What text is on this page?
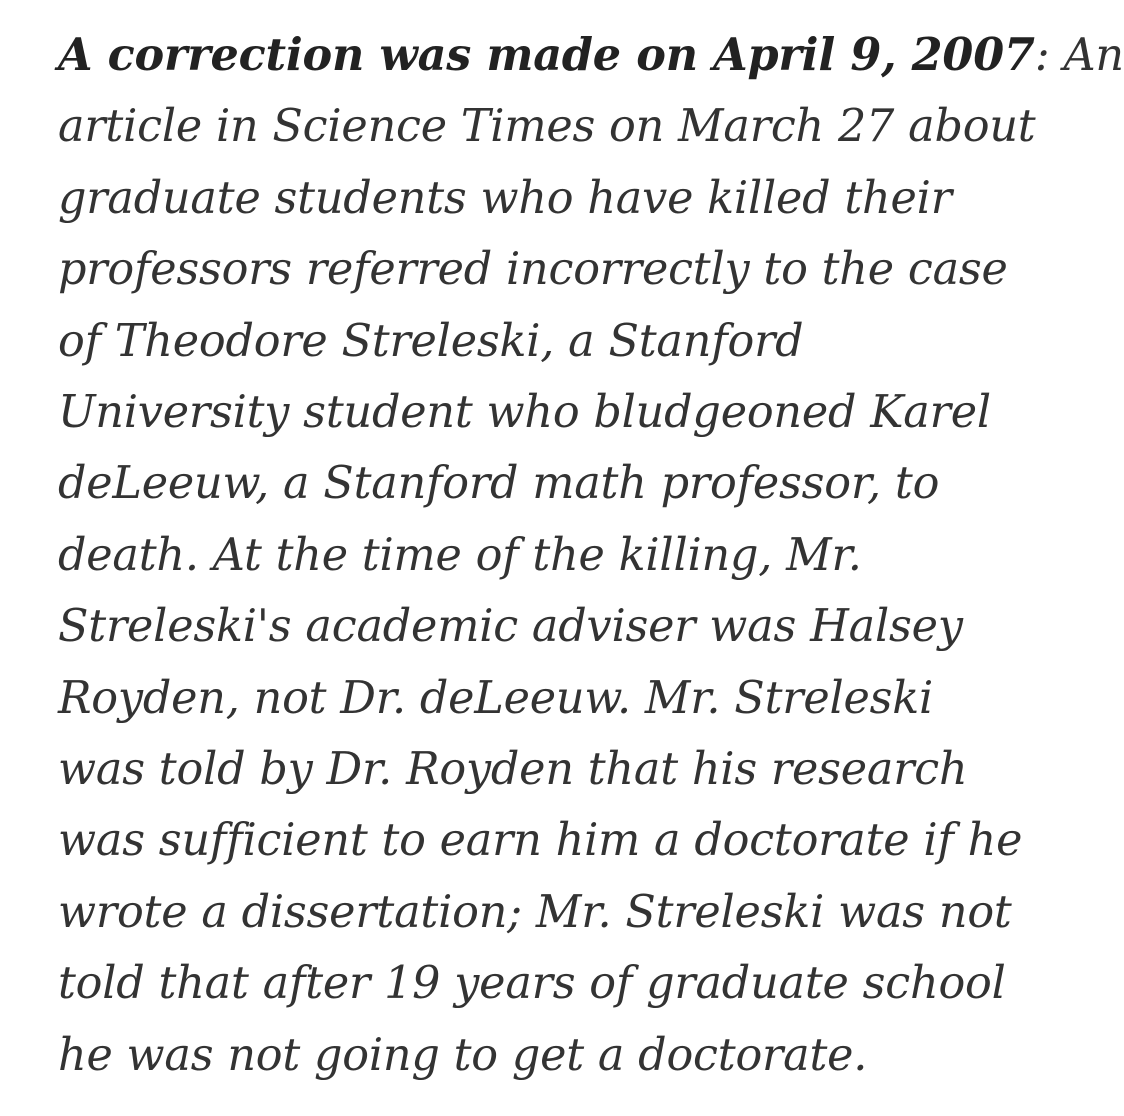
A correction was made on April 9, 2007: An
article in Science Times on March 27 about
graduate students who have killed their
professors referred incorrectly to the case
of Theodore Streleski, a Stanford
University student who bludgeoned Karel
deLeeuw, a Stanford math professor, to
death. At the time of the killing, Mr.
Streleski's academic adviser was Halsey
Royden, not Dr. deLeeuw. Mr. Streleski
was told by Dr. Royden that his research
was sufficient to earn him a doctorate if he
wrote a dissertation; Mr. Streleski was not
told that after 19 years of graduate school
he was not going to get a doctorate.
